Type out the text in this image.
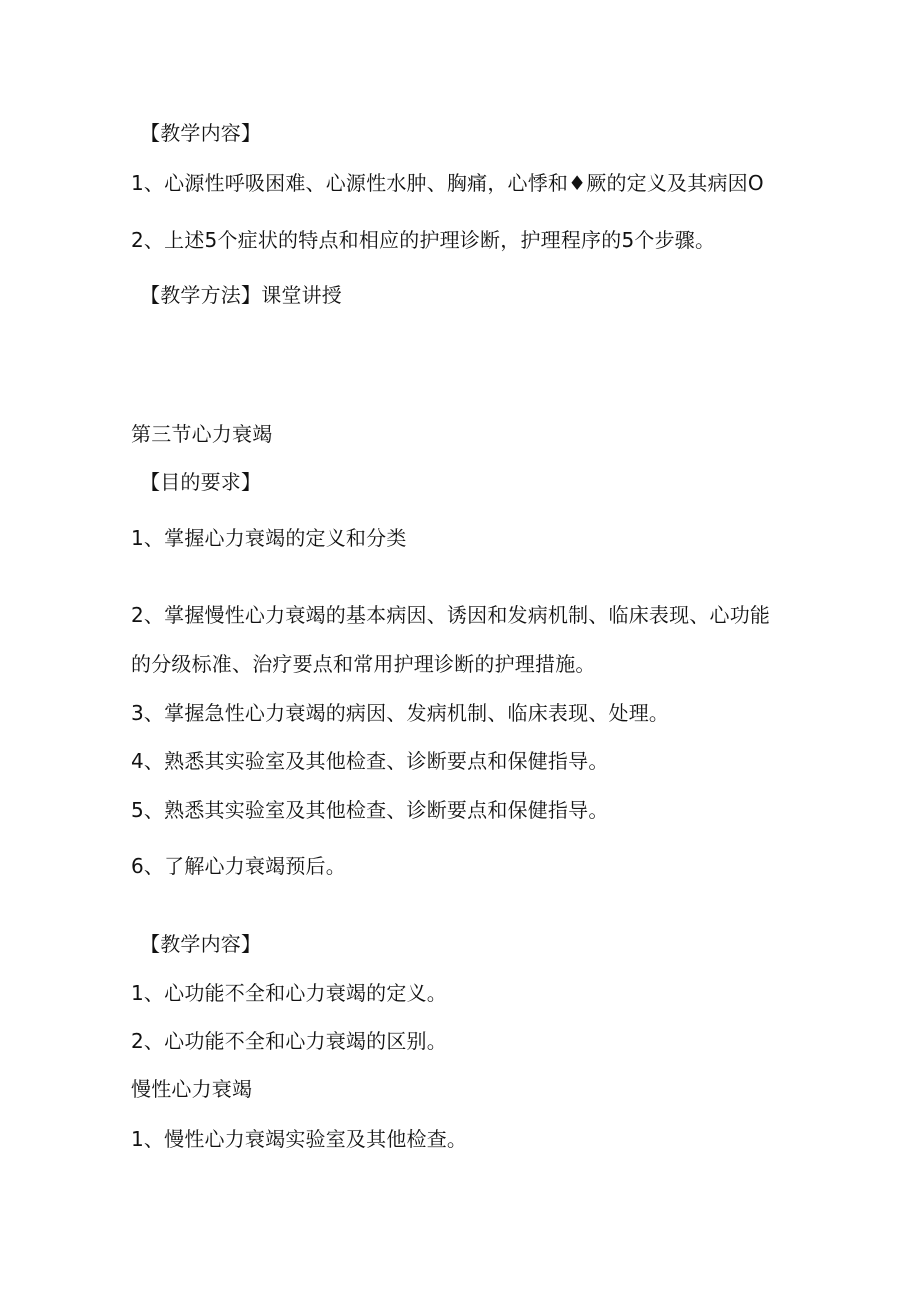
【教学内容】
1、心源性呼吸困难、心源性水肿、胸痛，心悸和♦厥的定义及其病因O
2、上述5个症状的特点和相应的护理诊断，护理程序的5个步骤。
【教学方法】课堂讲授
第三节心力衰竭
【目的要求】
1、掌握心力衰竭的定义和分类
2、掌握慢性心力衰竭的基本病因、诱因和发病机制、临床表现、心功能
的分级标准、治疗要点和常用护理诊断的护理措施。
3、掌握急性心力衰竭的病因、发病机制、临床表现、处理。
4、熟悉其实验室及其他检查、诊断要点和保健指导。
5、熟悉其实验室及其他检查、诊断要点和保健指导。
6、了解心力衰竭预后。
【教学内容】
1、心功能不全和心力衰竭的定义。
2、心功能不全和心力衰竭的区别。
慢性心力衰竭
1、慢性心力衰竭实验室及其他检查。
